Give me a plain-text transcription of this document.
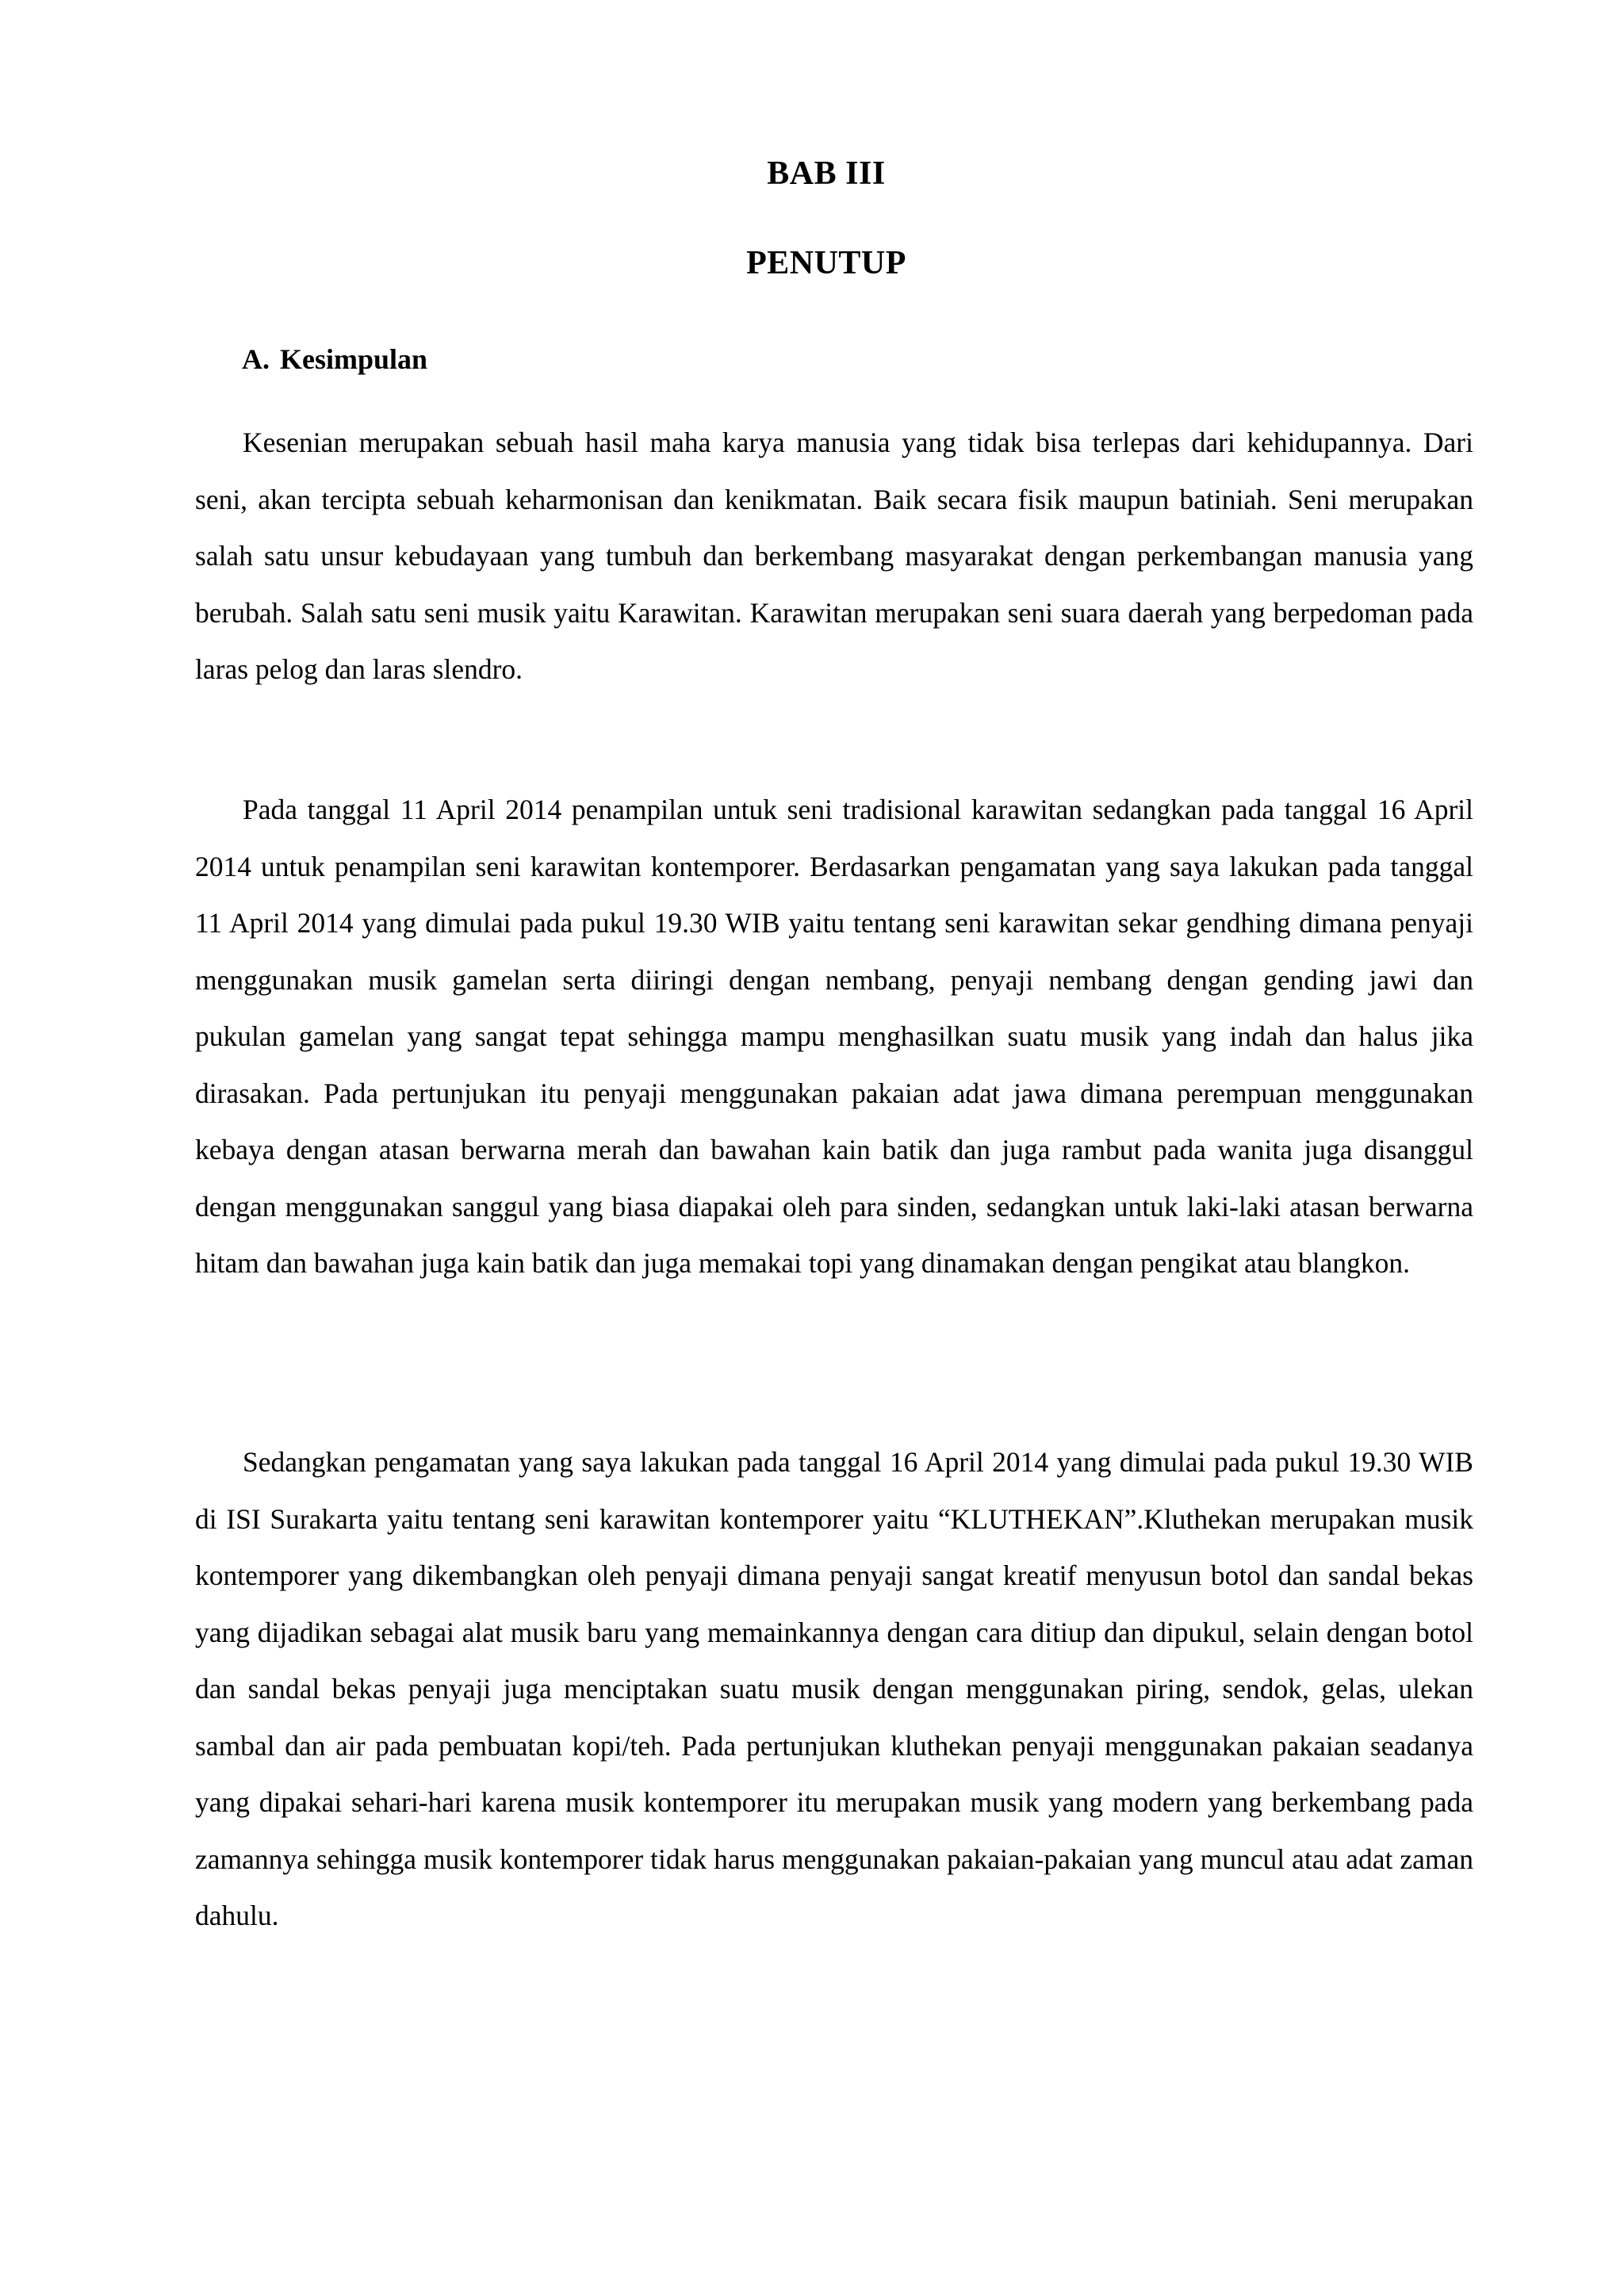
BAB III
PENUTUP
A. Kesimpulan

Kesenian merupakan sebuah hasil maha karya manusia yang tidak bisa terlepas dari kehidupannya. Dari seni, akan tercipta sebuah keharmonisan dan kenikmatan. Baik secara fisik maupun batiniah. Seni merupakan salah satu unsur kebudayaan yang tumbuh dan berkembang masyarakat dengan perkembangan manusia yang berubah. Salah satu seni musik yaitu Karawitan. Karawitan merupakan seni suara daerah yang berpedoman pada laras pelog dan laras slendro.

Pada tanggal 11 April 2014 penampilan untuk seni tradisional karawitan sedangkan pada tanggal 16 April 2014 untuk penampilan seni karawitan kontemporer. Berdasarkan pengamatan yang saya lakukan pada tanggal 11 April 2014 yang dimulai pada pukul 19.30 WIB yaitu tentang seni karawitan sekar gendhing dimana penyaji menggunakan musik gamelan serta diiringi dengan nembang, penyaji nembang dengan gending jawi dan pukulan gamelan yang sangat tepat sehingga mampu menghasilkan suatu musik yang indah dan halus jika dirasakan. Pada pertunjukan itu penyaji menggunakan pakaian adat jawa dimana perempuan menggunakan kebaya dengan atasan berwarna merah dan bawahan kain batik dan juga rambut pada wanita juga disanggul dengan menggunakan sanggul yang biasa diapakai oleh para sinden, sedangkan untuk laki-laki atasan berwarna hitam dan bawahan juga kain batik dan juga memakai topi yang dinamakan dengan pengikat atau blangkon.

Sedangkan pengamatan yang saya lakukan pada tanggal 16 April 2014 yang dimulai pada pukul 19.30 WIB di ISI Surakarta yaitu tentang seni karawitan kontemporer yaitu “KLUTHEKAN”.Kluthekan merupakan musik kontemporer yang dikembangkan oleh penyaji dimana penyaji sangat kreatif menyusun botol dan sandal bekas yang dijadikan sebagai alat musik baru yang memainkannya dengan cara ditiup dan dipukul, selain dengan botol dan sandal bekas penyaji juga menciptakan suatu musik dengan menggunakan piring, sendok, gelas, ulekan sambal dan air pada pembuatan kopi/teh. Pada pertunjukan kluthekan penyaji menggunakan pakaian seadanya yang dipakai sehari-hari karena musik kontemporer itu merupakan musik yang modern yang berkembang pada zamannya sehingga musik kontemporer tidak harus menggunakan pakaian-pakaian yang muncul atau adat zaman dahulu.
